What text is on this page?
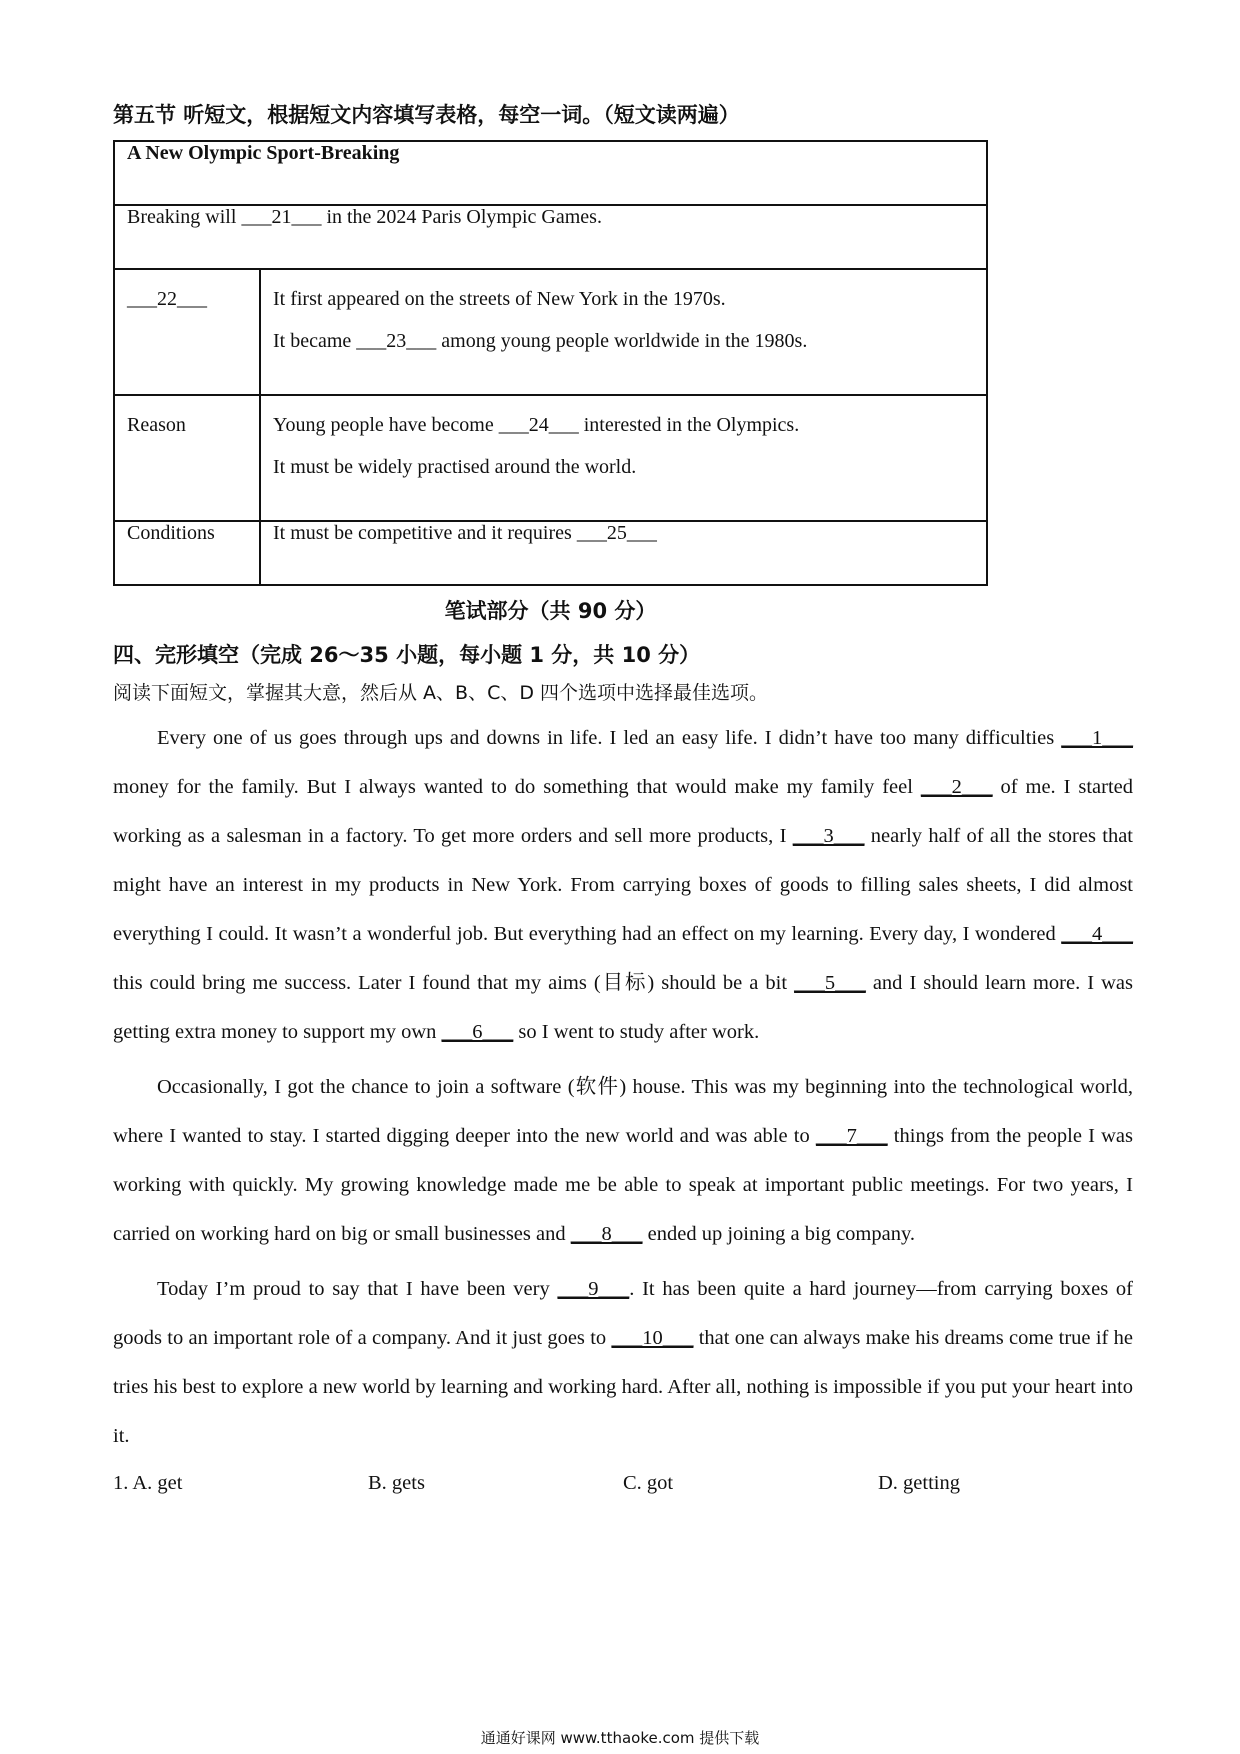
第五节 听短文，根据短文内容填写表格，每空一词。（短文读两遍）
A New Olympic Sport-Breaking	
Breaking will ___21___ in the 2024 Paris Olympic Games.	
___22___	It first appeared on the streets of New York in the 1970s.
It became ___23___ among young people worldwide in the 1980s.

Reason	Young people have become ___24___ interested in the Olympics.
It must be widely practised around the world.

Conditions	It must be competitive and it requires ___25___
笔试部分（共 90 分）
四、完形填空（完成 26～35 小题，每小题 1 分，共 10 分）
阅读下面短文，掌握其大意，然后从 A、B、C、D 四个选项中选择最佳选项。

Every one of us goes through ups and downs in life. I led an easy life. I didn’t have too many difficulties ___1___ money for the family. But I always wanted to do something that would make my family feel ___2___ of me. I started working as a salesman in a factory. To get more orders and sell more products, I ___3___ nearly half of all the stores that might have an interest in my products in New York. From carrying boxes of goods to filling sales sheets, I did almost everything I could. It wasn’t a wonderful job. But everything had an effect on my learning. Every day, I wondered ___4___ this could bring me success. Later I found that my aims (目标) should be a bit ___5___ and I should learn more. I was getting extra money to support my own ___6___ so I went to study after work.

Occasionally, I got the chance to join a software (软件) house. This was my beginning into the technological world, where I wanted to stay. I started digging deeper into the new world and was able to ___7___ things from the people I was working with quickly. My growing knowledge made me be able to speak at important public meetings. For two years, I carried on working hard on big or small businesses and ___8___ ended up joining a big company.

Today I’m proud to say that I have been very ___9___. It has been quite a hard journey—from carrying boxes of goods to an important role of a company. And it just goes to ___10___ that one can always make his dreams come true if he tries his best to explore a new world by learning and working hard. After all, nothing is impossible if you put your heart into it.

1. A. get	B. gets	C. got	D. getting
通通好课网 www.tthaoke.com 提供下载
